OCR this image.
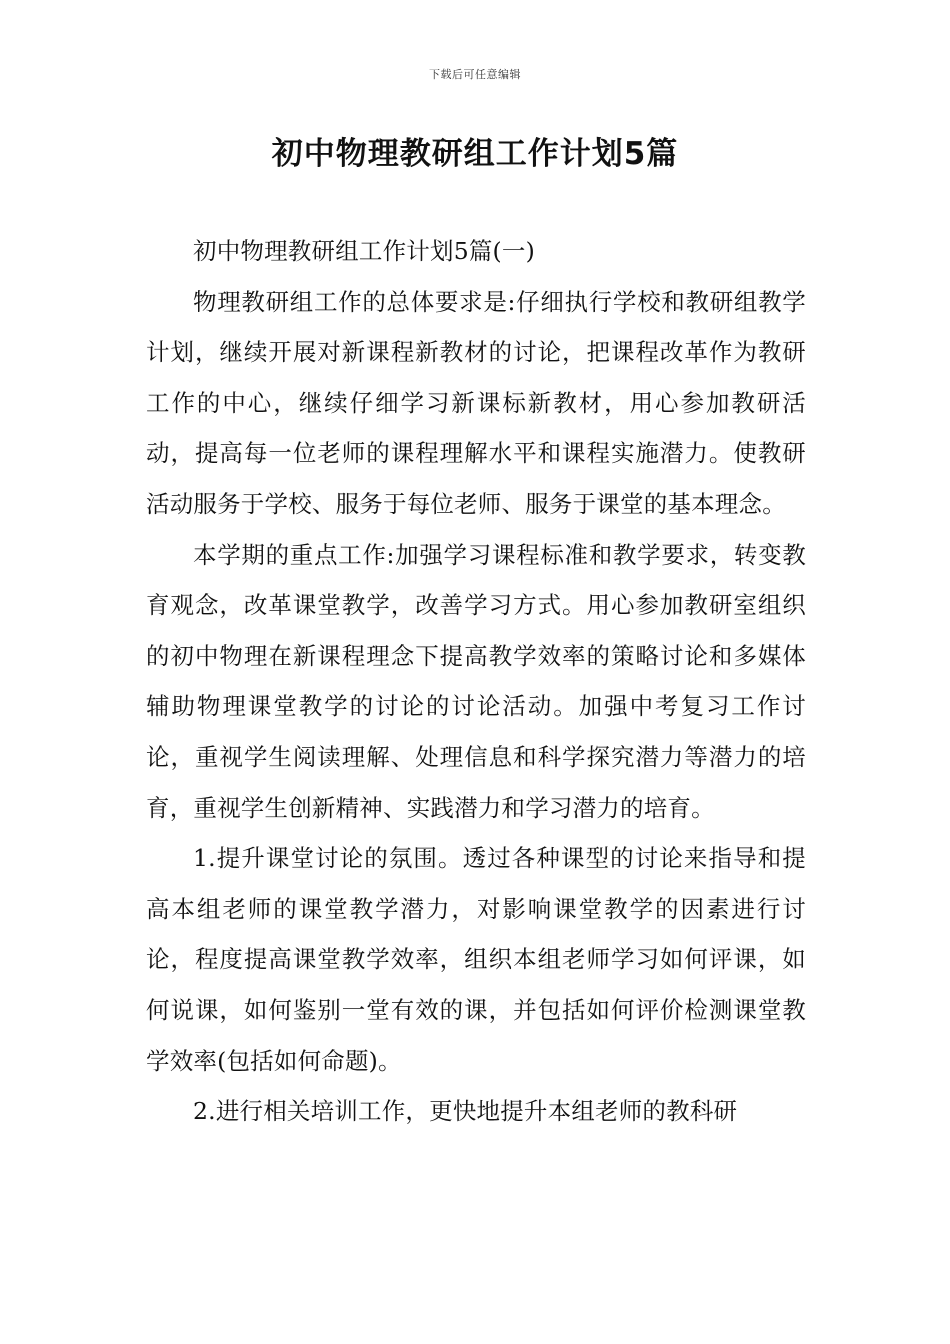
下载后可任意编辑
初中物理教研组工作计划5篇

初中物理教研组工作计划5篇(一)

物理教研组工作的总体要求是:仔细执行学校和教研组教学计划，继续开展对新课程新教材的讨论，把课程改革作为教研工作的中心，继续仔细学习新课标新教材，用心参加教研活动，提高每一位老师的课程理解水平和课程实施潜力。使教研活动服务于学校、服务于每位老师、服务于课堂的基本理念。

本学期的重点工作:加强学习课程标准和教学要求，转变教育观念，改革课堂教学，改善学习方式。用心参加教研室组织的初中物理在新课程理念下提高教学效率的策略讨论和多媒体辅助物理课堂教学的讨论的讨论活动。加强中考复习工作讨论，重视学生阅读理解、处理信息和科学探究潜力等潜力的培育，重视学生创新精神、实践潜力和学习潜力的培育。

1.提升课堂讨论的氛围。透过各种课型的讨论来指导和提高本组老师的课堂教学潜力，对影响课堂教学的因素进行讨论，程度提高课堂教学效率，组织本组老师学习如何评课，如何说课，如何鉴别一堂有效的课，并包括如何评价检测课堂教学效率(包括如何命题)。

2.进行相关培训工作，更快地提升本组老师的教科研
